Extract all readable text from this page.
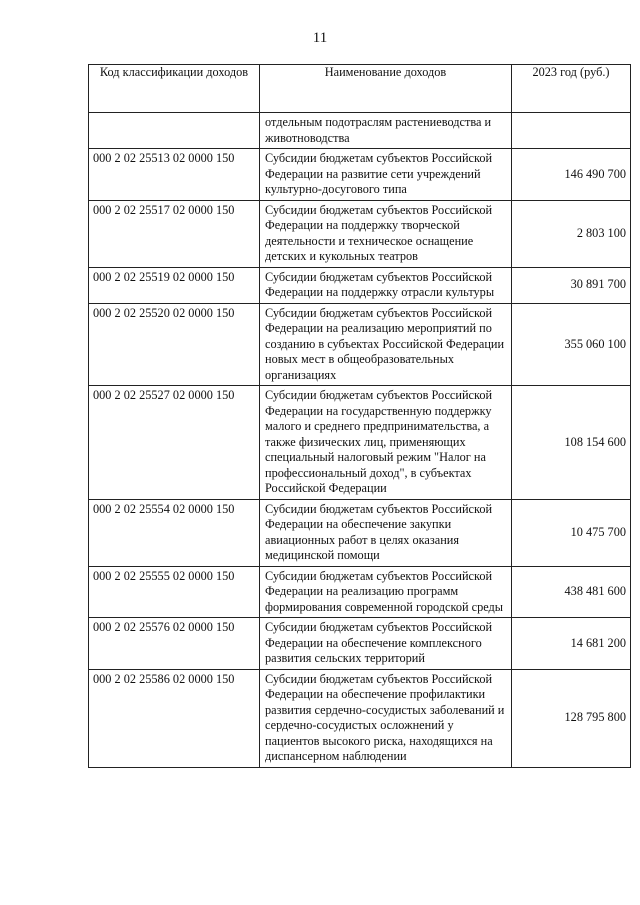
11
Код классификации доходов	Наименование доходов	2023 год (руб.)
	отдельным подотраслям растениеводства и животноводства	
000 2 02 25513 02 0000 150	Субсидии бюджетам субъектов Российской Федерации на развитие сети учреждений культурно-досугового типа	146 490 700
000 2 02 25517 02 0000 150	Субсидии бюджетам субъектов Российской Федерации на поддержку творческой деятельности и техническое оснащение детских и кукольных театров	2 803 100
000 2 02 25519 02 0000 150	Субсидии бюджетам субъектов Российской Федерации на поддержку отрасли культуры	30 891 700
000 2 02 25520 02 0000 150	Субсидии бюджетам субъектов Российской Федерации на реализацию мероприятий по созданию в субъектах Российской Федерации новых мест в общеобразовательных организациях	355 060 100
000 2 02 25527 02 0000 150	Субсидии бюджетам субъектов Российской Федерации на государственную поддержку малого и среднего предпринимательства, а также физических лиц, применяющих специальный налоговый режим "Налог на профессиональный доход", в субъектах Российской Федерации	108 154 600
000 2 02 25554 02 0000 150	Субсидии бюджетам субъектов Российской Федерации на обеспечение закупки авиационных работ в целях оказания медицинской помощи	10 475 700
000 2 02 25555 02 0000 150	Субсидии бюджетам субъектов Российской Федерации на реализацию программ формирования современной городской среды	438 481 600
000 2 02 25576 02 0000 150	Субсидии бюджетам субъектов Российской Федерации на обеспечение комплексного развития сельских территорий	14 681 200
000 2 02 25586 02 0000 150	Субсидии бюджетам субъектов Российской Федерации на обеспечение профилактики развития сердечно-сосудистых заболеваний и сердечно-сосудистых осложнений у пациентов высокого риска, находящихся на диспансерном наблюдении	128 795 800
